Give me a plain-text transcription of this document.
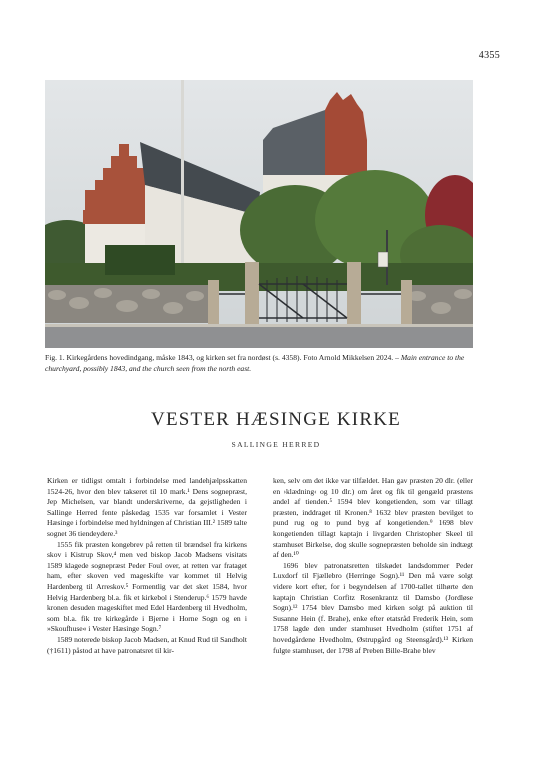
4355
Fig. 1. Kirkegårdens hovedindgang, måske 1843, og kirken set fra nordøst (s. 4358). Foto Arnold Mikkelsen 2024. – Main entrance to the churchyard, possibly 1843, and the church seen from the north east.
VESTER HÆSINGE KIRKE
SALLINGE HERRED

Kirken er tidligst omtalt i forbindelse med landehjælpsskatten 1524-26, hvor den blev takseret til 10 mark.¹ Dens sognepræst, Jep Michelsen, var blandt underskriverne, da gejstligheden i Sallinge Herred fente påskedag 1535 var forsamlet i Vester Hæsinge i forbindelse med hyldningen af Christian III.² 1589 talte sognet 36 tiendeydere.³

1555 fik præsten kongebrev på retten til brændsel fra kirkens skov i Kistrup Skov,⁴ men ved biskop Jacob Madsens visitats 1589 klagede sognepræst Peder Foul over, at retten var frataget ham, efter skoven ved mageskifte var kommet til Helvig Hardenberg til Arreskov.⁵ Formentlig var det sket 1584, hvor Helvig Hardenberg bl.a. fik et kirkebol i Stenderup.⁶ 1579 havde kronen desuden mageskiftet med Edel Hardenberg til Hvedholm, som bl.a. fik tre kirkegårde i Bjerne i Horne Sogn og en i »Skoufhuse« i Vester Hæsinge Sogn.⁷

1589 noterede biskop Jacob Madsen, at Knud Rud til Sandholt (†1611) påstod at have patronatsret til kir-

ken, selv om det ikke var tilfældet. Han gav præsten 20 dlr. (eller en ›klædning‹ og 10 dlr.) om året og fik til gengæld præstens andel af tienden.⁵ 1594 blev kongetienden, som var tillagt præsten, inddraget til Kronen.⁸ 1632 blev præsten bevilget to pund rug og to pund byg af kongetienden.⁹ 1698 blev kongetienden tillagt kaptajn i livgarden Christopher Skeel til stamhuset Birkelse, dog skulle sognepræsten beholde sin indtægt af den.¹⁰

1696 blev patronatsretten tilskødet landsdommer Peder Luxdorf til Fjællebro (Herringe Sogn).¹¹ Den må være solgt videre kort efter, for i begyndelsen af 1700-tallet tilhørte den kaptajn Christian Corfitz Rosenkrantz til Damsbo (Jordløse Sogn).¹² 1754 blev Damsbo med kirken solgt på auktion til Susanne Hein (f. Brahe), enke efter etatsråd Frederik Hein, som 1758 lagde den under stamhuset Hvedholm (stiftet 1751 af hovedgårdene Hvedholm, Østrupgård og Steensgård).¹³ Kirken fulgte stamhuset, der 1798 af Preben Bille-Brahe blev
